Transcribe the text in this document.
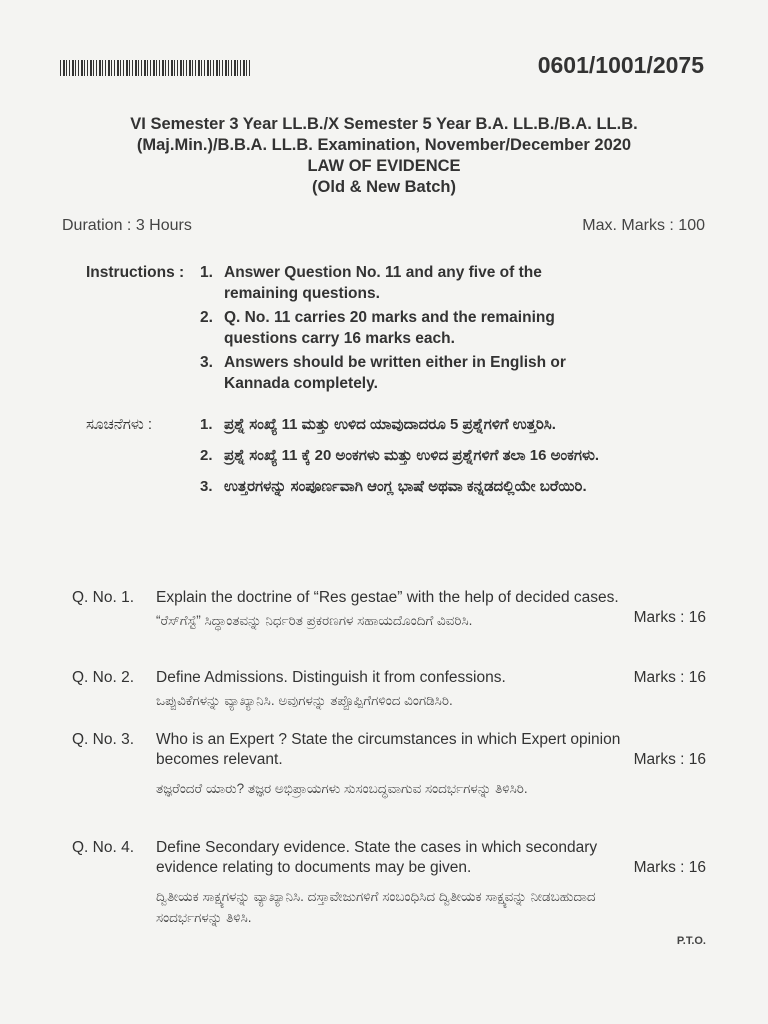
0601/1001/2075
VI Semester 3 Year LL.B./X Semester 5 Year B.A. LL.B./B.A. LL.B.
(Maj.Min.)/B.B.A. LL.B. Examination, November/December 2020
LAW OF EVIDENCE
(Old & New Batch)
Duration : 3 Hours	Max. Marks : 100
Instructions : 1. Answer Question No. 11 and any five of the remaining questions.
2. Q. No. 11 carries 20 marks and the remaining questions carry 16 marks each.
3. Answers should be written either in English or Kannada completely.
ಸೂಚನೆಗಳು :	1. ಪ್ರಶ್ನೆ ಸಂಖ್ಯೆ 11 ಮತ್ತು ಉಳಿದ ಯಾವುದಾದರೂ 5 ಪ್ರಶ್ನೆಗಳಿಗೆ ಉತ್ತರಿಸಿ.
2. ಪ್ರಶ್ನೆ ಸಂಖ್ಯೆ 11 ಕ್ಕೆ 20 ಅಂಕಗಳು ಮತ್ತು ಉಳಿದ ಪ್ರಶ್ನೆಗಳಿಗೆ ತಲಾ 16 ಅಂಕಗಳು.
3. ಉತ್ತರಗಳನ್ನು ಸಂಪೂರ್ಣವಾಗಿ ಆಂಗ್ಲ ಭಾಷೆ ಅಥವಾ ಕನ್ನಡದಲ್ಲಿಯೇ ಬರೆಯಿರಿ.
Q. No. 1. Explain the doctrine of “Res gestae” with the help of decided cases.
“ರೆಸ್‌ಗೆಸ್ಟೆ” ಸಿದ್ಧಾಂತವನ್ನು ನಿರ್ಧರಿತ ಪ್ರಕರಣಗಳ ಸಹಾಯದೊಂದಿಗೆ ವಿವರಿಸಿ.	Marks : 16
Q. No. 2. Define Admissions. Distinguish it from confessions.
ಒಪ್ಪುವಿಕೆಗಳನ್ನು ವ್ಯಾಖ್ಯಾನಿಸಿ. ಅವುಗಳನ್ನು ತಪ್ಪೊಪ್ಪಿಗೆಗಳಿಂದ ವಿಂಗಡಿಸಿರಿ.
Marks : 16
Q. No. 3. Who is an Expert ? State the circumstances in which Expert opinion becomes relevant.
ತಜ್ಞರೆಂದರೆ ಯಾರು? ತಜ್ಞರ ಅಭಿಪ್ರಾಯಗಳು ಸುಸಂಬದ್ಧವಾಗುವ ಸಂದರ್ಭಗಳನ್ನು ತಿಳಿಸಿರಿ.
Marks : 16
Q. No. 4. Define Secondary evidence. State the cases in which secondary evidence relating to documents may be given.
ದ್ವಿತೀಯಕ ಸಾಕ್ಷ್ಯಗಳನ್ನು ವ್ಯಾಖ್ಯಾನಿಸಿ. ದಸ್ತಾವೇಜುಗಳಿಗೆ ಸಂಬಂಧಿಸಿದ ದ್ವಿತೀಯಕ ಸಾಕ್ಷ್ಯವನ್ನು ನೀಡಬಹುದಾದ ಸಂದರ್ಭಗಳನ್ನು ತಿಳಿಸಿ.
Marks : 16
P.T.O.
